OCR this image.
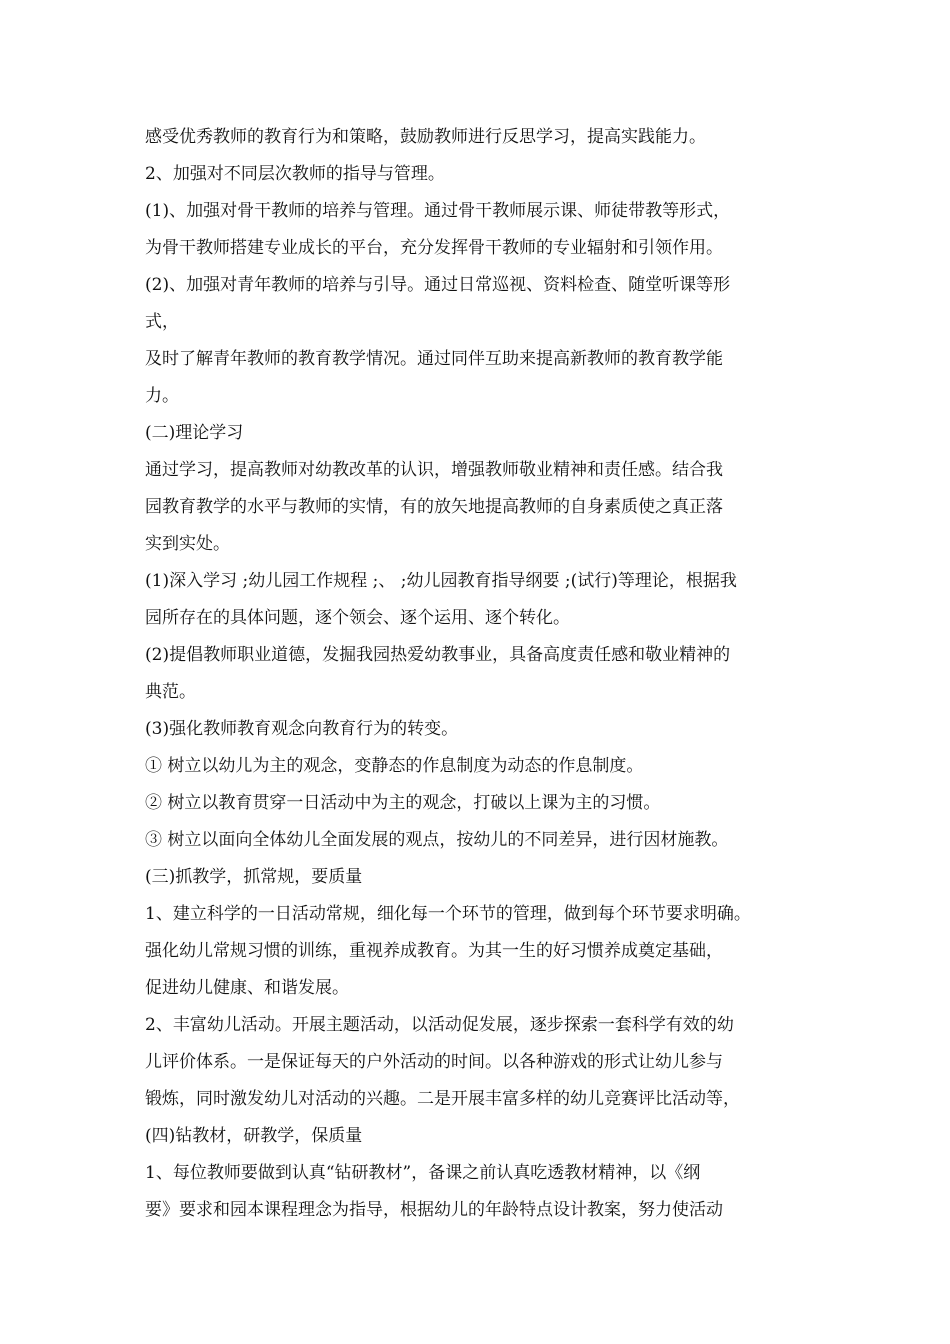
感受优秀教师的教育行为和策略，鼓励教师进行反思学习，提高实践能力。
2、加强对不同层次教师的指导与管理。
(1)、加强对骨干教师的培养与管理。通过骨干教师展示课、师徒带教等形式，
为骨干教师搭建专业成长的平台，充分发挥骨干教师的专业辐射和引领作用。
(2)、加强对青年教师的培养与引导。通过日常巡视、资料检查、随堂听课等形
式，
及时了解青年教师的教育教学情况。通过同伴互助来提高新教师的教育教学能
力。
(二)理论学习
通过学习，提高教师对幼教改革的认识，增强教师敬业精神和责任感。结合我
园教育教学的水平与教师的实情，有的放矢地提高教师的自身素质使之真正落
实到实处。
(1)深入学习 ;幼儿园工作规程 ;、 ;幼儿园教育指导纲要 ;(试行)等理论，根据我
园所存在的具体问题，逐个领会、逐个运用、逐个转化。
(2)提倡教师职业道德，发掘我园热爱幼教事业，具备高度责任感和敬业精神的
典范。
(3)强化教师教育观念向教育行为的转变。
① 树立以幼儿为主的观念，变静态的作息制度为动态的作息制度。
② 树立以教育贯穿一日活动中为主的观念，打破以上课为主的习惯。
③ 树立以面向全体幼儿全面发展的观点，按幼儿的不同差异，进行因材施教。
(三)抓教学，抓常规，要质量
1、建立科学的一日活动常规，细化每一个环节的管理，做到每个环节要求明确。
强化幼儿常规习惯的训练，重视养成教育。为其一生的好习惯养成奠定基础，
促进幼儿健康、和谐发展。
2、丰富幼儿活动。开展主题活动，以活动促发展，逐步探索一套科学有效的幼
儿评价体系。一是保证每天的户外活动的时间。以各种游戏的形式让幼儿参与
锻炼，同时激发幼儿对活动的兴趣。二是开展丰富多样的幼儿竞赛评比活动等，
(四)钻教材，研教学，保质量
1、每位教师要做到认真“钻研教材”，备课之前认真吃透教材精神，以《纲
要》要求和园本课程理念为指导，根据幼儿的年龄特点设计教案，努力使活动
